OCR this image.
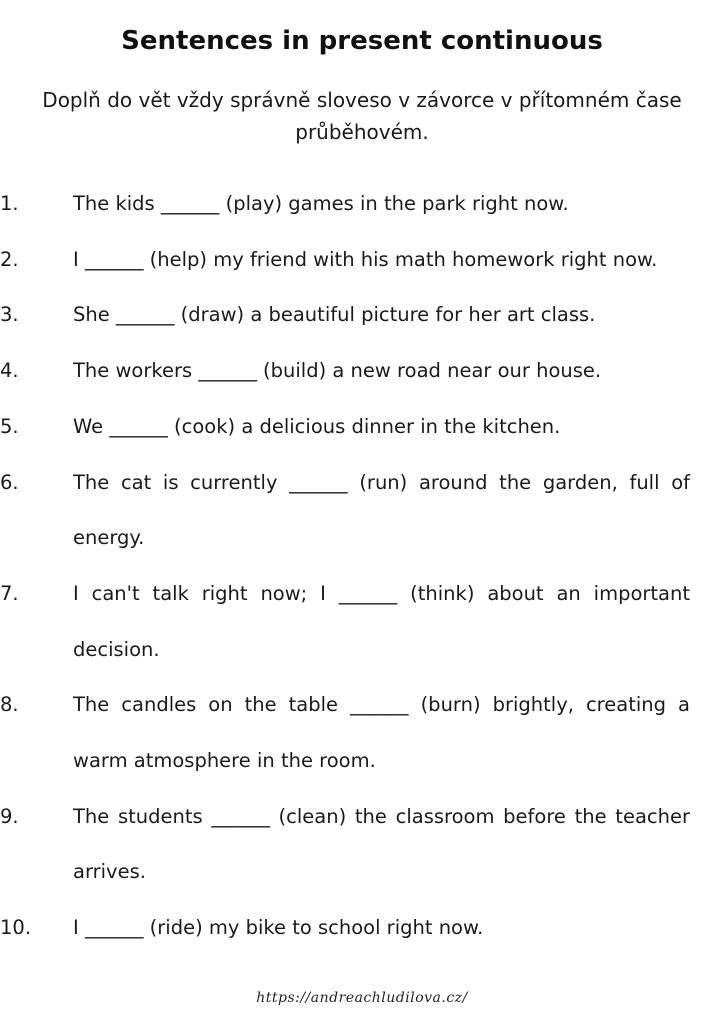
Sentences in present continuous
Doplň do vět vždy správně sloveso v závorce v přítomném čase průběhovém.
1.	The kids ______ (play) games in the park right now.
2.	I ______ (help) my friend with his math homework right now.
3.	She ______ (draw) a beautiful picture for her art class.
4.	The workers ______ (build) a new road near our house.
5.	We ______ (cook) a delicious dinner in the kitchen.
6.	The cat is currently ______ (run) around the garden, full of energy.
7.	I can't talk right now; I ______ (think) about an important decision.
8.	The candles on the table ______ (burn) brightly, creating a warm atmosphere in the room.
9.	The students ______ (clean) the classroom before the teacher arrives.
10.	I ______ (ride) my bike to school right now.
https://andreachludilova.cz/
